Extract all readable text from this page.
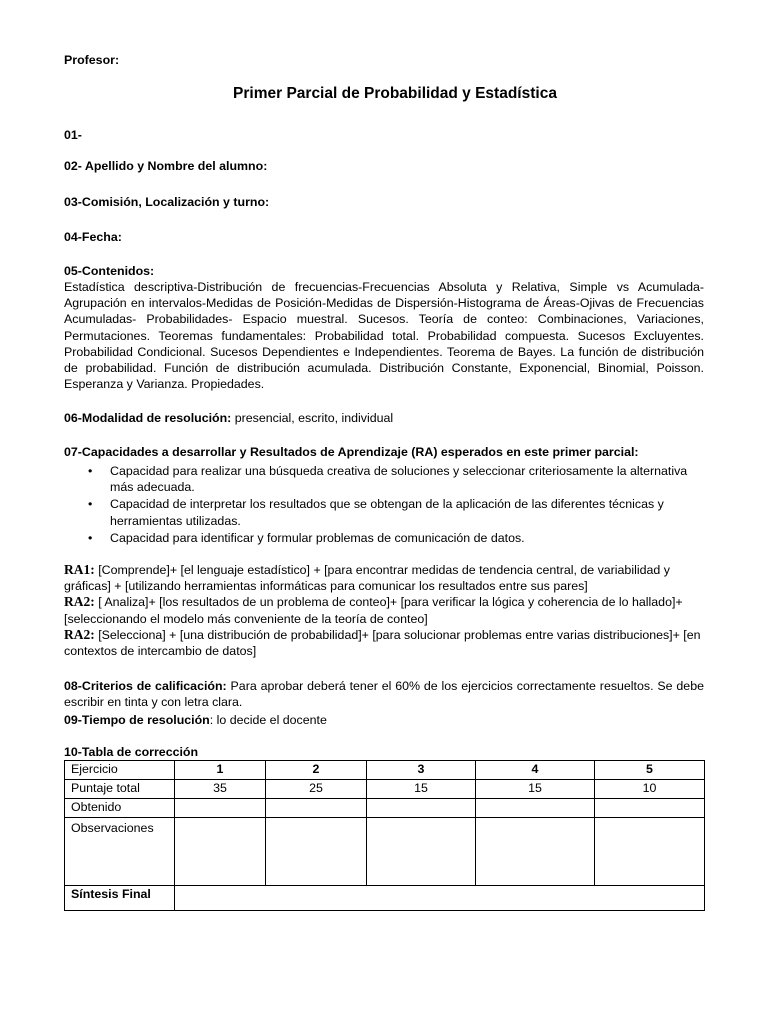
Profesor:
Primer Parcial de Probabilidad y Estadística
01-
02- Apellido y Nombre del alumno:
03-Comisión, Localización y turno:
04-Fecha:
05-Contenidos:
Estadística descriptiva-Distribución de frecuencias-Frecuencias Absoluta y Relativa, Simple vs Acumulada-Agrupación en intervalos-Medidas de Posición-Medidas de Dispersión-Histograma de Áreas-Ojivas de Frecuencias Acumuladas- Probabilidades- Espacio muestral. Sucesos. Teoría de conteo: Combinaciones, Variaciones, Permutaciones. Teoremas fundamentales: Probabilidad total. Probabilidad compuesta. Sucesos Excluyentes. Probabilidad Condicional. Sucesos Dependientes e Independientes. Teorema de Bayes. La función de distribución de probabilidad. Función de distribución acumulada. Distribución Constante, Exponencial, Binomial, Poisson. Esperanza y Varianza. Propiedades.
06-Modalidad de resolución: presencial, escrito, individual
07-Capacidades a desarrollar y Resultados de Aprendizaje (RA) esperados en este primer parcial:
• Capacidad para realizar una búsqueda creativa de soluciones y seleccionar criteriosamente la alternativa más adecuada.
• Capacidad de interpretar los resultados que se obtengan de la aplicación de las diferentes técnicas y herramientas utilizadas.
• Capacidad para identificar y formular problemas de comunicación de datos.
RA1: [Comprende]+ [el lenguaje estadístico] + [para encontrar medidas de tendencia central, de variabilidad y gráficas] + [utilizando herramientas informáticas para comunicar los resultados entre sus pares]
RA2: [ Analiza]+ [los resultados de un problema de conteo]+ [para verificar la lógica y coherencia de lo hallado]+ [seleccionando el modelo más conveniente de la teoría de conteo]
RA2: [Selecciona] + [una distribución de probabilidad]+ [para solucionar problemas entre varias distribuciones]+ [en contextos de intercambio de datos]
08-Criterios de calificación: Para aprobar deberá tener el 60% de los ejercicios correctamente resueltos. Se debe escribir en tinta y con letra clara.
09-Tiempo de resolución: lo decide el docente
10-Tabla de corrección
Ejercicio	1	2	3	4	5
Puntaje total	35	25	15	15	10
Obtenido					
Observaciones					
Síntesis Final					
